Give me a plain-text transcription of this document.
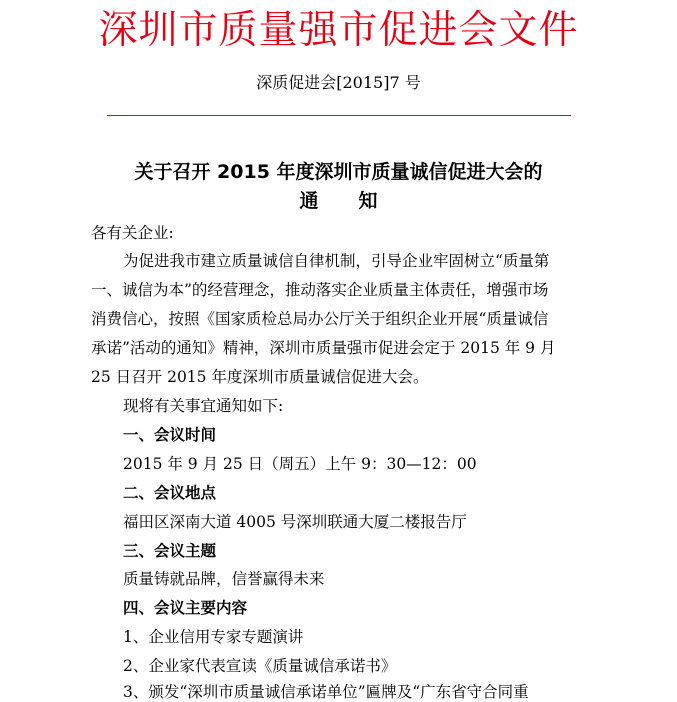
深圳市质量强市促进会文件
深质促进会[2015]7 号
关于召开 2015 年度深圳市质量诚信促进大会的
通知
各有关企业:
为促进我市建立质量诚信自律机制，引导企业牢固树立“质量第
一、诚信为本”的经营理念，推动落实企业质量主体责任，增强市场
消费信心，按照《国家质检总局办公厅关于组织企业开展“质量诚信
承诺”活动的通知》精神，深圳市质量强市促进会定于 2015 年 9 月
25 日召开 2015 年度深圳市质量诚信促进大会。
现将有关事宜通知如下:
一、会议时间
2015 年 9 月 25 日（周五）上午 9：30—12：00
二、会议地点
福田区深南大道 4005 号深圳联通大厦二楼报告厅
三、会议主题
质量铸就品牌，信誉赢得未来
四、会议主要内容
1、企业信用专家专题演讲
2、企业家代表宣读《质量诚信承诺书》
3、颁发“深圳市质量诚信承诺单位”匾牌及“广东省守合同重
